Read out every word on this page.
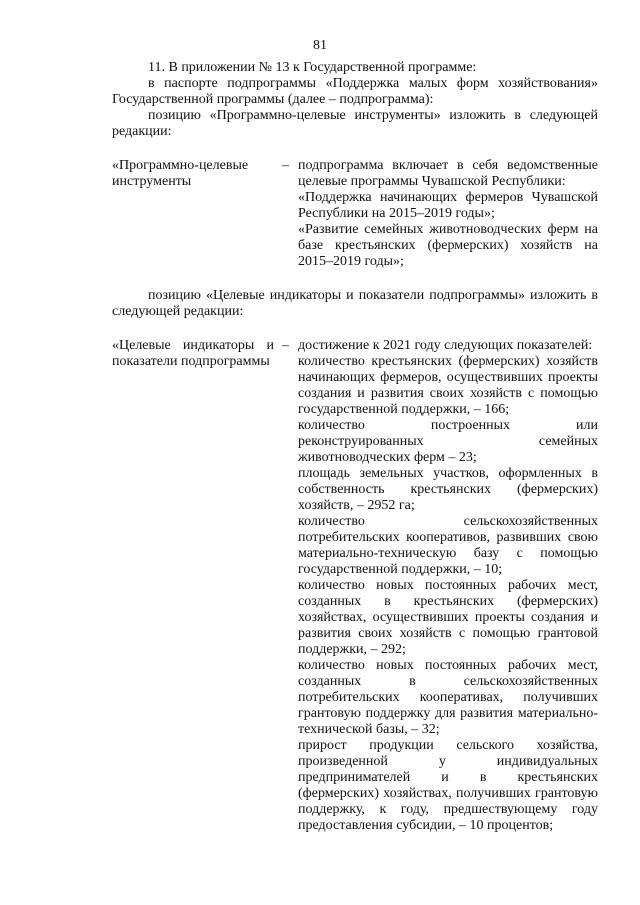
81

11. В приложении № 13 к Государственной программе:

в паспорте подпрограммы «Поддержка малых форм хозяйствования» Государственной программы (далее – подпрограмма):

позицию «Программно-целевые инструменты» изложить в следующей редакции:

«Программно-целевые инструменты
– подпрограмма включает в себя ведомственные целевые программы Чувашской Республики:

«Поддержка начинающих фермеров Чувашской Республики на 2015–2019 годы»;

«Развитие семейных животноводческих ферм на базе крестьянских (фермерских) хозяйств на 2015–2019 годы»;

позицию «Целевые индикаторы и показатели подпрограммы» изложить в следующей редакции:

«Целевые индикаторы и показатели подпрограммы
– достижение к 2021 году следующих показателей:

количество крестьянских (фермерских) хозяйств начинающих фермеров, осуществивших проекты создания и развития своих хозяйств с помощью государственной поддержки, – 166;

количество построенных или реконструированных семейных животноводческих ферм – 23;

площадь земельных участков, оформленных в собственность крестьянских (фермерских) хозяйств, – 2952 га;

количество сельскохозяйственных потребительских кооперативов, развивших свою материально-техническую базу с помощью государственной поддержки, – 10;

количество новых постоянных рабочих мест, созданных в крестьянских (фермерских) хозяйствах, осуществивших проекты создания и развития своих хозяйств с помощью грантовой поддержки, – 292;

количество новых постоянных рабочих мест, созданных в сельскохозяйственных потребительских кооперативах, получивших грантовую поддержку для развития материально-технической базы, – 32;

прирост продукции сельского хозяйства, произведенной у индивидуальных предпринимателей и в крестьянских (фермерских) хозяйствах, получивших грантовую поддержку, к году, предшествующему году предоставления субсидии, – 10 процентов;
